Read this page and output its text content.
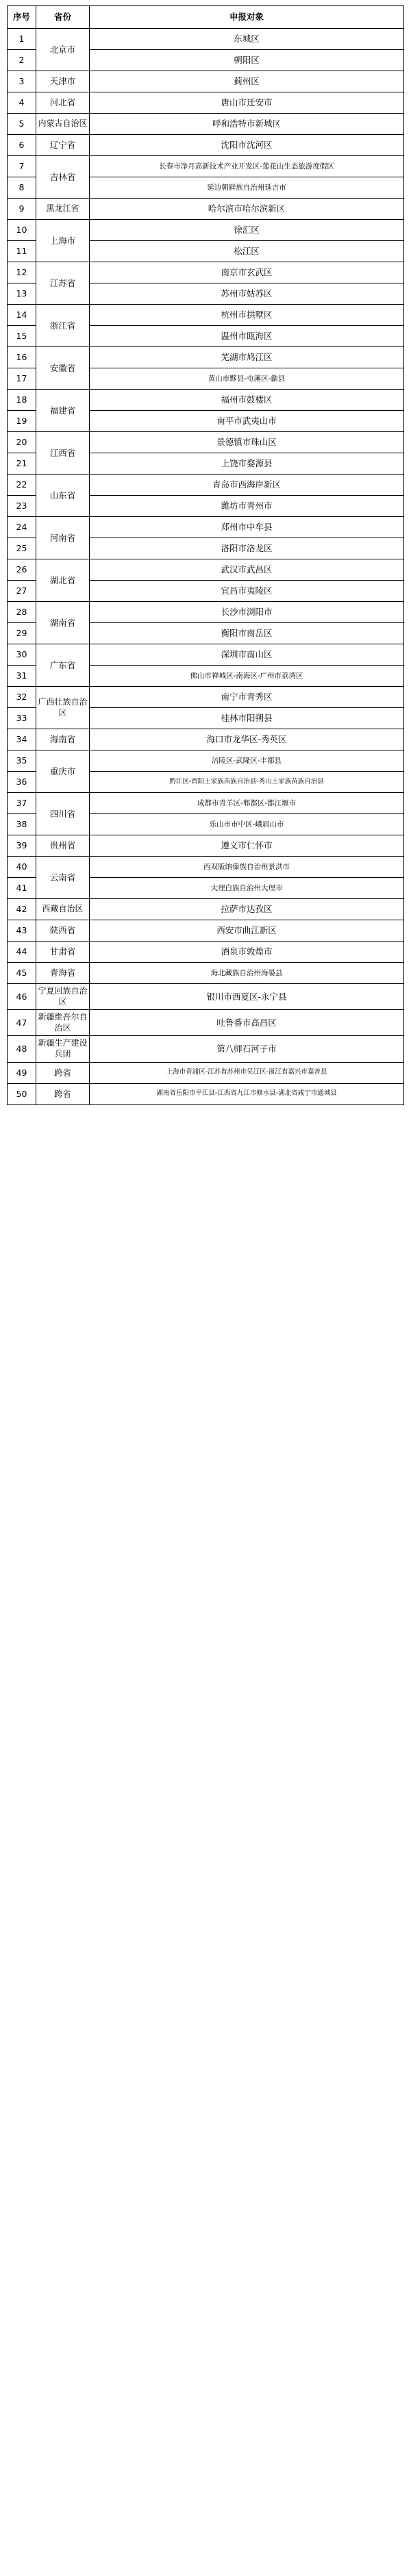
序号	省份	申报对象
1	北京市	东城区
2		朝阳区
3	天津市	蓟州区
4	河北省	唐山市迁安市
5	内蒙古自治区	呼和浩特市新城区
6	辽宁省	沈阳市沈河区
7	吉林省	长春市净月高新技术产业开发区-莲花山生态旅游度假区
8		延边朝鲜族自治州延吉市
9	黑龙江省	哈尔滨市哈尔滨新区
10	上海市	徐汇区
11		松江区
12	江苏省	南京市玄武区
13		苏州市姑苏区
14	浙江省	杭州市拱墅区
15		温州市瓯海区
16	安徽省	芜湖市鸠江区
17		黄山市黟县-屯溪区-歙县
18	福建省	福州市鼓楼区
19		南平市武夷山市
20	江西省	景德镇市珠山区
21		上饶市婺源县
22	山东省	青岛市西海岸新区
23		潍坊市青州市
24	河南省	郑州市中牟县
25		洛阳市洛龙区
26	湖北省	武汉市武昌区
27		宜昌市夷陵区
28	湖南省	长沙市浏阳市
29		衡阳市南岳区
30	广东省	深圳市南山区
31		佛山市禅城区-南海区-广州市荔湾区
32	广西壮族自治区	南宁市青秀区
33		桂林市阳朔县
34	海南省	海口市龙华区-秀英区
35	重庆市	涪陵区-武隆区-丰都县
36		黔江区-酉阳土家族苗族自治县-秀山土家族苗族自治县
37	四川省	成都市青羊区-郫都区-都江堰市
38		乐山市市中区-峨眉山市
39	贵州省	遵义市仁怀市
40	云南省	西双版纳傣族自治州景洪市
41		大理白族自治州大理市
42	西藏自治区	拉萨市达孜区
43	陕西省	西安市曲江新区
44	甘肃省	酒泉市敦煌市
45	青海省	海北藏族自治州海晏县
46	宁夏回族自治区	银川市西夏区-永宁县
47	新疆维吾尔自治区	吐鲁番市高昌区
48	新疆生产建设兵团	第八师石河子市
49	跨省	上海市青浦区-江苏省苏州市吴江区-浙江省嘉兴市嘉善县
50	跨省	湖南省岳阳市平江县-江西省九江市修水县-湖北省咸宁市通城县
